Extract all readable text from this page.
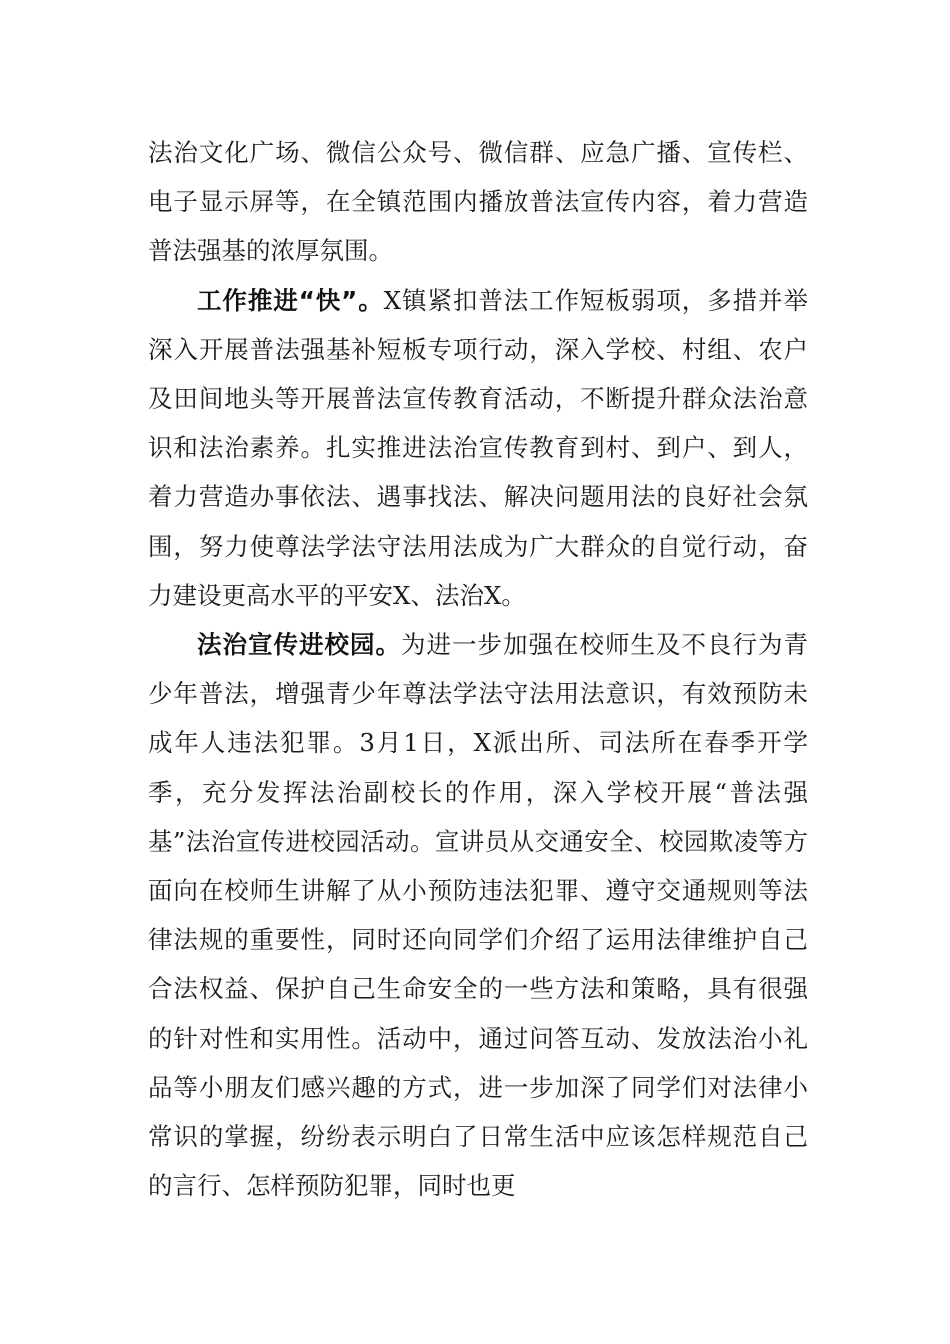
法治文化广场、微信公众号、微信群、应急广播、宣传栏、电子显示屏等，在全镇范围内播放普法宣传内容，着力营造普法强基的浓厚氛围。

工作推进“快”。X镇紧扣普法工作短板弱项，多措并举深入开展普法强基补短板专项行动，深入学校、村组、农户及田间地头等开展普法宣传教育活动，不断提升群众法治意识和法治素养。扎实推进法治宣传教育到村、到户、到人，着力营造办事依法、遇事找法、解决问题用法的良好社会氛围，努力使尊法学法守法用法成为广大群众的自觉行动，奋力建设更高水平的平安X、法治X。

法治宣传进校园。为进一步加强在校师生及不良行为青少年普法，增强青少年尊法学法守法用法意识，有效预防未成年人违法犯罪。3月1日，X派出所、司法所在春季开学季，充分发挥法治副校长的作用，深入学校开展“普法强基”法治宣传进校园活动。宣讲员从交通安全、校园欺凌等方面向在校师生讲解了从小预防违法犯罪、遵守交通规则等法律法规的重要性，同时还向同学们介绍了运用法律维护自己合法权益、保护自己生命安全的一些方法和策略，具有很强的针对性和实用性。活动中，通过问答互动、发放法治小礼品等小朋友们感兴趣的方式，进一步加深了同学们对法律小常识的掌握，纷纷表示明白了日常生活中应该怎样规范自己的言行、怎样预防犯罪，同时也更
